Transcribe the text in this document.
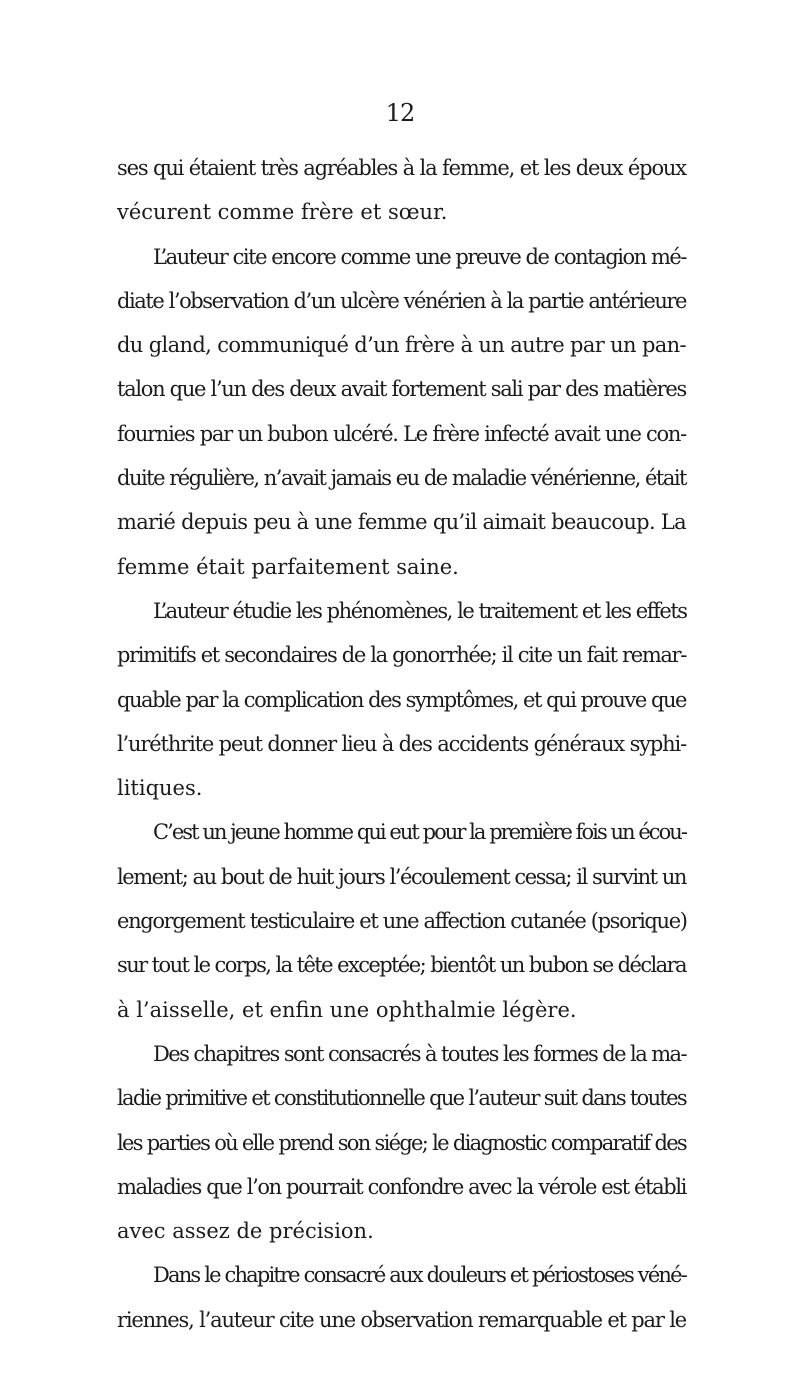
12
ses qui étaient très agréables à la femme, et les deux époux
vécurent comme frère et sœur.
L’auteur cite encore comme une preuve de contagion mé-
diate l’observation d’un ulcère vénérien à la partie antérieure
du gland, communiqué d’un frère à un autre par un pan-
talon que l’un des deux avait fortement sali par des matières
fournies par un bubon ulcéré. Le frère infecté avait une con-
duite régulière, n’avait jamais eu de maladie vénérienne, était
marié depuis peu à une femme qu’il aimait beaucoup. La
femme était parfaitement saine.
L’auteur étudie les phénomènes, le traitement et les effets
primitifs et secondaires de la gonorrhée; il cite un fait remar-
quable par la complication des symptômes, et qui prouve que
l’uréthrite peut donner lieu à des accidents généraux syphi-
litiques.
C’est un jeune homme qui eut pour la première fois un écou-
lement; au bout de huit jours l’écoulement cessa; il survint un
engorgement testiculaire et une affection cutanée (psorique)
sur tout le corps, la tête exceptée; bientôt un bubon se déclara
à l’aisselle, et enfin une ophthalmie légère.
Des chapitres sont consacrés à toutes les formes de la ma-
ladie primitive et constitutionnelle que l’auteur suit dans toutes
les parties où elle prend son siége; le diagnostic comparatif des
maladies que l’on pourrait confondre avec la vérole est établi
avec assez de précision.
Dans le chapitre consacré aux douleurs et périostoses véné-
riennes, l’auteur cite une observation remarquable et par le
